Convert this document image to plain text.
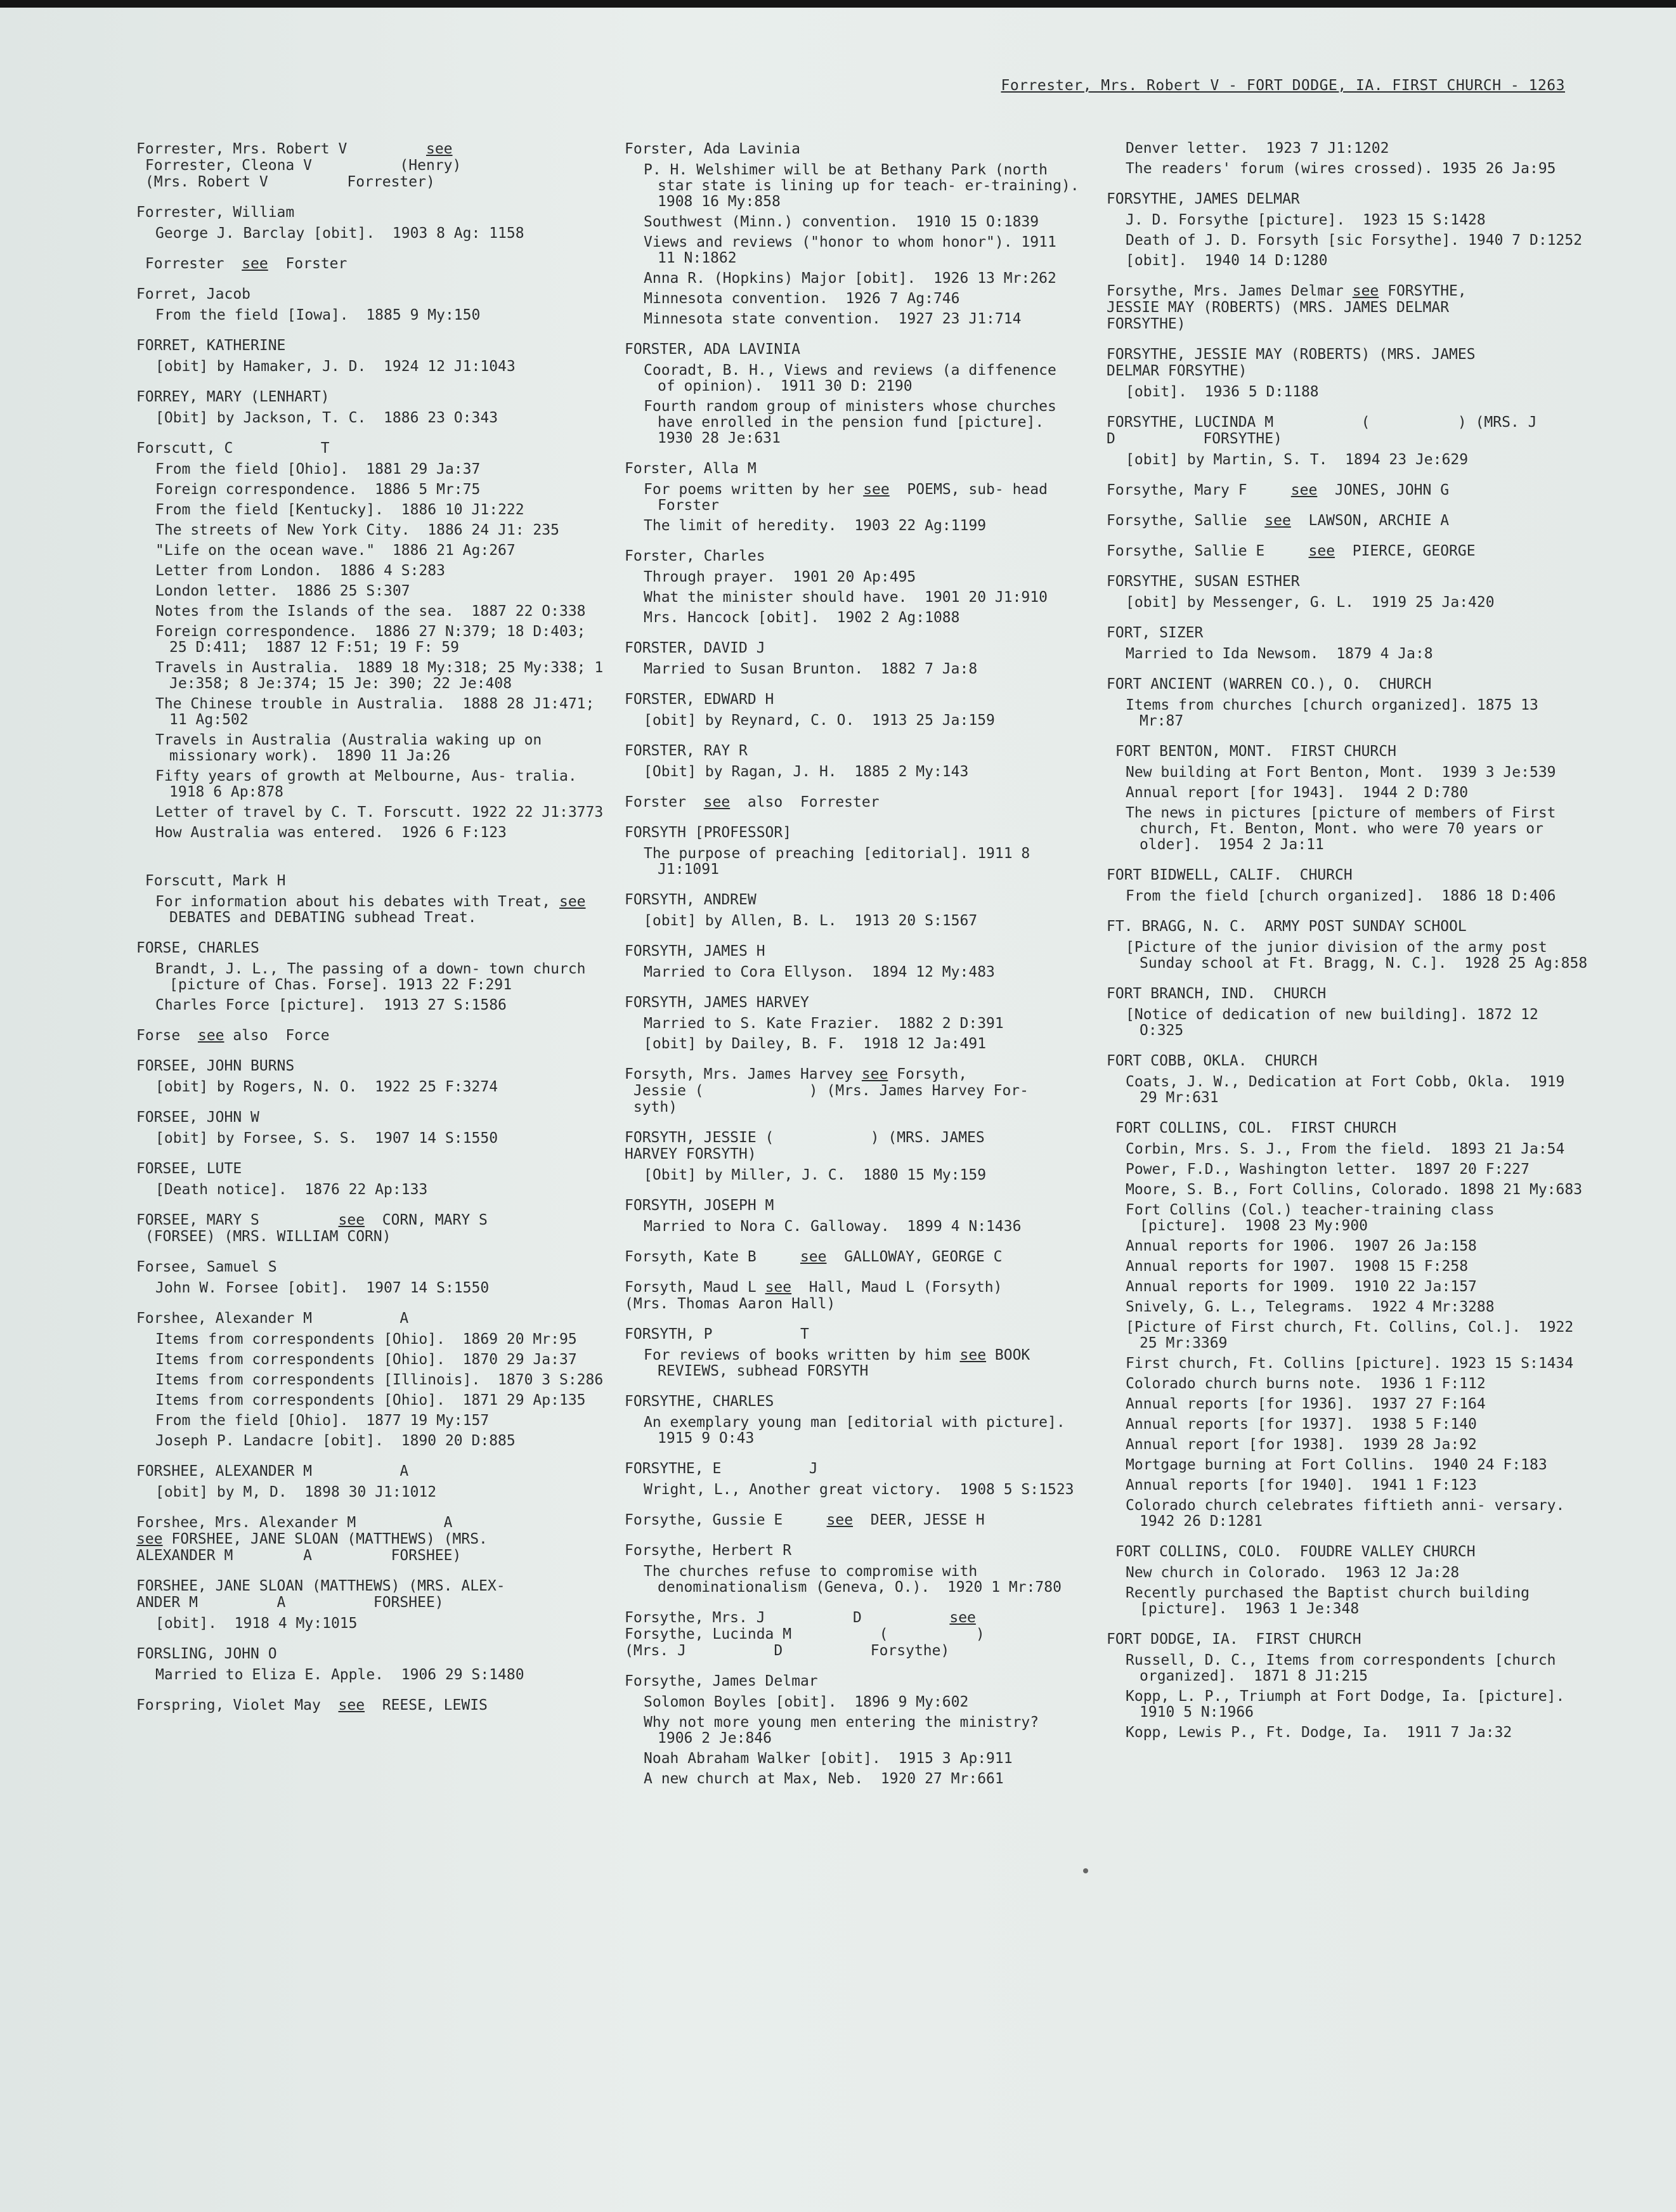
Forrester, Mrs. Robert V - FORT DODGE, IA. FIRST CHURCH - 1263
Forrester, Mrs. Robert V         see
Forrester, Cleona V          (Henry)
(Mrs. Robert V         Forrester)
Forrester, William
George J. Barclay [obit].  1903 8 Ag: 1158
Forrester  see  Forster
Forret, Jacob
From the field [Iowa].  1885 9 My:150
FORRET, KATHERINE
[obit] by Hamaker, J. D.  1924 12 J1:1043
FORREY, MARY (LENHART)
[Obit] by Jackson, T. C.  1886 23 O:343
Forscutt, C          T
From the field [Ohio].  1881 29 Ja:37
Foreign correspondence.  1886 5 Mr:75
From the field [Kentucky].  1886 10 J1:222
The streets of New York City.  1886 24 J1: 235
"Life on the ocean wave."  1886 21 Ag:267
Letter from London.  1886 4 S:283
London letter.  1886 25 S:307
Notes from the Islands of the sea.  1887 22 O:338
Foreign correspondence.  1886 27 N:379; 18 D:403; 25 D:411;  1887 12 F:51; 19 F: 59
Travels in Australia.  1889 18 My:318; 25 My:338; 1 Je:358; 8 Je:374; 15 Je: 390; 22 Je:408
The Chinese trouble in Australia.  1888 28 J1:471; 11 Ag:502
Travels in Australia (Australia waking up on missionary work).  1890 11 Ja:26
Fifty years of growth at Melbourne, Aus- tralia.  1918 6 Ap:878
Letter of travel by C. T. Forscutt. 1922 22 J1:3773
How Australia was entered.  1926 6 F:123
Forscutt, Mark H
For information about his debates with Treat, see DEBATES and DEBATING subhead Treat.
FORSE, CHARLES
Brandt, J. L., The passing of a down- town church [picture of Chas. Forse]. 1913 22 F:291
Charles Force [picture].  1913 27 S:1586
Forse  see also  Force
FORSEE, JOHN BURNS
[obit] by Rogers, N. O.  1922 25 F:3274
FORSEE, JOHN W
[obit] by Forsee, S. S.  1907 14 S:1550
FORSEE, LUTE
[Death notice].  1876 22 Ap:133
FORSEE, MARY S         see  CORN, MARY S
(FORSEE) (MRS. WILLIAM CORN)
Forsee, Samuel S
John W. Forsee [obit].  1907 14 S:1550
Forshee, Alexander M          A
Items from correspondents [Ohio].  1869 20 Mr:95
Items from correspondents [Ohio].  1870 29 Ja:37
Items from correspondents [Illinois].  1870 3 S:286
Items from correspondents [Ohio].  1871 29 Ap:135
From the field [Ohio].  1877 19 My:157
Joseph P. Landacre [obit].  1890 20 D:885
FORSHEE, ALEXANDER M          A
[obit] by M, D.  1898 30 J1:1012
Forshee, Mrs. Alexander M          A
see FORSHEE, JANE SLOAN (MATTHEWS) (MRS.
ALEXANDER M        A         FORSHEE)
FORSHEE, JANE SLOAN (MATTHEWS) (MRS. ALEX-
ANDER M         A          FORSHEE)
[obit].  1918 4 My:1015
FORSLING, JOHN O
Married to Eliza E. Apple.  1906 29 S:1480
Forspring, Violet May  see  REESE, LEWIS
Forster, Ada Lavinia
P. H. Welshimer will be at Bethany Park (north star state is lining up for teach- er-training).  1908 16 My:858
Southwest (Minn.) convention.  1910 15 O:1839
Views and reviews ("honor to whom honor"). 1911 11 N:1862
Anna R. (Hopkins) Major [obit].  1926 13 Mr:262
Minnesota convention.  1926 7 Ag:746
Minnesota state convention.  1927 23 J1:714
FORSTER, ADA LAVINIA
Cooradt, B. H., Views and reviews (a diffenence of opinion).  1911 30 D: 2190
Fourth random group of ministers whose churches have enrolled in the pension fund [picture].  1930 28 Je:631
Forster, Alla M
For poems written by her see  POEMS, sub- head Forster
The limit of heredity.  1903 22 Ag:1199
Forster, Charles
Through prayer.  1901 20 Ap:495
What the minister should have.  1901 20 J1:910
Mrs. Hancock [obit].  1902 2 Ag:1088
FORSTER, DAVID J
Married to Susan Brunton.  1882 7 Ja:8
FORSTER, EDWARD H
[obit] by Reynard, C. O.  1913 25 Ja:159
FORSTER, RAY R
[Obit] by Ragan, J. H.  1885 2 My:143
Forster  see  also  Forrester
FORSYTH [PROFESSOR]
The purpose of preaching [editorial]. 1911 8 J1:1091
FORSYTH, ANDREW
[obit] by Allen, B. L.  1913 20 S:1567
FORSYTH, JAMES H
Married to Cora Ellyson.  1894 12 My:483
FORSYTH, JAMES HARVEY
Married to S. Kate Frazier.  1882 2 D:391
[obit] by Dailey, B. F.  1918 12 Ja:491
Forsyth, Mrs. James Harvey see Forsyth,
Jessie (            ) (Mrs. James Harvey For-
syth)
FORSYTH, JESSIE (           ) (MRS. JAMES
HARVEY FORSYTH)
[Obit] by Miller, J. C.  1880 15 My:159
FORSYTH, JOSEPH M
Married to Nora C. Galloway.  1899 4 N:1436
Forsyth, Kate B     see  GALLOWAY, GEORGE C
Forsyth, Maud L see  Hall, Maud L (Forsyth)
(Mrs. Thomas Aaron Hall)
FORSYTH, P          T
For reviews of books written by him see BOOK REVIEWS, subhead FORSYTH
FORSYTHE, CHARLES
An exemplary young man [editorial with picture].  1915 9 O:43
FORSYTHE, E          J
Wright, L., Another great victory.  1908 5 S:1523
Forsythe, Gussie E     see  DEER, JESSE H
Forsythe, Herbert R
The churches refuse to compromise with denominationalism (Geneva, O.).  1920 1 Mr:780
Forsythe, Mrs. J          D          see
Forsythe, Lucinda M          (          )
(Mrs. J          D          Forsythe)
Forsythe, James Delmar
Solomon Boyles [obit].  1896 9 My:602
Why not more young men entering the ministry?  1906 2 Je:846
Noah Abraham Walker [obit].  1915 3 Ap:911
A new church at Max, Neb.  1920 27 Mr:661
Denver letter.  1923 7 J1:1202
The readers' forum (wires crossed). 1935 26 Ja:95
FORSYTHE, JAMES DELMAR
J. D. Forsythe [picture].  1923 15 S:1428
Death of J. D. Forsyth [sic Forsythe]. 1940 7 D:1252
[obit].  1940 14 D:1280
Forsythe, Mrs. James Delmar see FORSYTHE,
JESSIE MAY (ROBERTS) (MRS. JAMES DELMAR
FORSYTHE)
FORSYTHE, JESSIE MAY (ROBERTS) (MRS. JAMES
DELMAR FORSYTHE)
[obit].  1936 5 D:1188
FORSYTHE, LUCINDA M          (          ) (MRS. J
D          FORSYTHE)
[obit] by Martin, S. T.  1894 23 Je:629
Forsythe, Mary F     see  JONES, JOHN G
Forsythe, Sallie  see  LAWSON, ARCHIE A
Forsythe, Sallie E     see  PIERCE, GEORGE
FORSYTHE, SUSAN ESTHER
[obit] by Messenger, G. L.  1919 25 Ja:420
FORT, SIZER
Married to Ida Newsom.  1879 4 Ja:8
FORT ANCIENT (WARREN CO.), O.  CHURCH
Items from churches [church organized]. 1875 13 Mr:87
FORT BENTON, MONT.  FIRST CHURCH
New building at Fort Benton, Mont.  1939 3 Je:539
Annual report [for 1943].  1944 2 D:780
The news in pictures [picture of members of First church, Ft. Benton, Mont. who were 70 years or older].  1954 2 Ja:11
FORT BIDWELL, CALIF.  CHURCH
From the field [church organized].  1886 18 D:406
FT. BRAGG, N. C.  ARMY POST SUNDAY SCHOOL
[Picture of the junior division of the army post Sunday school at Ft. Bragg, N. C.].  1928 25 Ag:858
FORT BRANCH, IND.  CHURCH
[Notice of dedication of new building]. 1872 12 O:325
FORT COBB, OKLA.  CHURCH
Coats, J. W., Dedication at Fort Cobb, Okla.  1919 29 Mr:631
FORT COLLINS, COL.  FIRST CHURCH
Corbin, Mrs. S. J., From the field.  1893 21 Ja:54
Power, F.D., Washington letter.  1897 20 F:227
Moore, S. B., Fort Collins, Colorado. 1898 21 My:683
Fort Collins (Col.) teacher-training class [picture].  1908 23 My:900
Annual reports for 1906.  1907 26 Ja:158
Annual reports for 1907.  1908 15 F:258
Annual reports for 1909.  1910 22 Ja:157
Snively, G. L., Telegrams.  1922 4 Mr:3288
[Picture of First church, Ft. Collins, Col.].  1922 25 Mr:3369
First church, Ft. Collins [picture]. 1923 15 S:1434
Colorado church burns note.  1936 1 F:112
Annual reports [for 1936].  1937 27 F:164
Annual reports [for 1937].  1938 5 F:140
Annual report [for 1938].  1939 28 Ja:92
Mortgage burning at Fort Collins.  1940 24 F:183
Annual reports [for 1940].  1941 1 F:123
Colorado church celebrates fiftieth anni- versary.  1942 26 D:1281
FORT COLLINS, COLO.  FOUDRE VALLEY CHURCH
New church in Colorado.  1963 12 Ja:28
Recently purchased the Baptist church building [picture].  1963 1 Je:348
FORT DODGE, IA.  FIRST CHURCH
Russell, D. C., Items from correspondents [church organized].  1871 8 J1:215
Kopp, L. P., Triumph at Fort Dodge, Ia. [picture].  1910 5 N:1966
Kopp, Lewis P., Ft. Dodge, Ia.  1911 7 Ja:32
